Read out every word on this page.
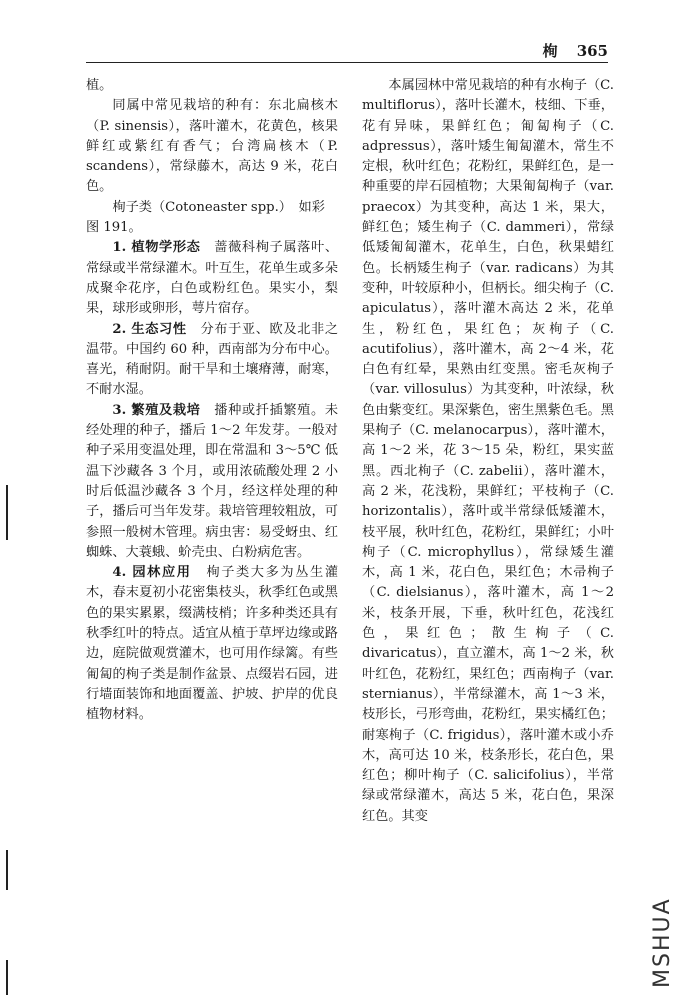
栒 365

植。

同属中常见栽培的种有：东北扁核木（P. sinensis），落叶灌木，花黄色，核果鲜红或紫红有香气；台湾扁核木（P. scandens），常绿藤木，高达 9 米，花白色。

栒子类（Cotoneaster spp.）　如彩

图 191。

1. 植物学形态　蔷薇科栒子属落叶、常绿或半常绿灌木。叶互生，花单生或多朵成聚伞花序，白色或粉红色。果实小，梨果，球形或卵形，萼片宿存。

2. 生态习性　分布于亚、欧及北非之温带。中国约 60 种，西南部为分布中心。喜光，稍耐阴。耐干旱和土壤瘠薄，耐寒，不耐水湿。

3. 繁殖及栽培　播种或扦插繁殖。未经处理的种子，播后 1～2 年发芽。一般对种子采用变温处理，即在常温和 3～5℃ 低温下沙藏各 3 个月，或用浓硫酸处理 2 小时后低温沙藏各 3 个月，经这样处理的种子，播后可当年发芽。栽培管理较粗放，可参照一般树木管理。病虫害：易受蚜虫、红蜘蛛、大蓑蛾、蚧壳虫、白粉病危害。

4. 园林应用　栒子类大多为丛生灌木，春末夏初小花密集枝头，秋季红色或黑色的果实累累，缀满枝梢；许多种类还具有秋季红叶的特点。适宜从植于草坪边缘或路边，庭院做观赏灌木，也可用作绿篱。有些匍匐的栒子类是制作盆景、点缀岩石园，进行墙面装饰和地面覆盖、护坡、护岸的优良植物材料。

本属园林中常见栽培的种有水栒子（C. multiflorus），落叶长灌木，枝细、下垂，花有异味，果鲜红色；匍匐栒子（C. adpressus），落叶矮生匍匐灌木，常生不定根，秋叶红色；花粉红，果鲜红色，是一种重要的岸石园植物；大果匍匐栒子（var. praecox）为其变种，高达 1 米，果大，鲜红色；矮生栒子（C. dammeri），常绿低矮匍匐灌木，花单生，白色，秋果蜡红色。长柄矮生栒子（var. radicans）为其变种，叶较原种小，但柄长。细尖栒子（C. apiculatus），落叶灌木高达 2 米，花单生，粉红色，果红色；灰栒子（C. acutifolius），落叶灌木，高 2～4 米，花白色有红晕，果熟由红变黑。密毛灰栒子（var. villosulus）为其变种，叶浓绿，秋色由紫变红。果深紫色，密生黑紫色毛。黑果栒子（C. melanocarpus），落叶灌木，高 1～2 米，花 3～15 朵，粉红，果实蓝黑。西北栒子（C. zabelii），落叶灌木，高 2 米，花浅粉，果鲜红；平枝栒子（C. horizontalis），落叶或半常绿低矮灌木，枝平展，秋叶红色，花粉红，果鲜红；小叶栒子（C. microphyllus），常绿矮生灌木，高 1 米，花白色，果红色；木帚栒子（C. dielsianus），落叶灌木，高 1～2 米，枝条开展，下垂，秋叶红色，花浅红色，果红色；散生栒子（C. divaricatus），直立灌木，高 1～2 米，秋叶红色，花粉红，果红色；西南栒子（var. sternianus），半常绿灌木，高 1～3 米，枝形长，弓形弯曲，花粉红，果实橘红色；耐寒栒子（C. frigidus），落叶灌木或小乔木，高可达 10 米，枝条形长，花白色，果红色；柳叶栒子（C. salicifolius），半常绿或常绿灌木，高达 5 米，花白色，果深红色。其变

MSHUA
